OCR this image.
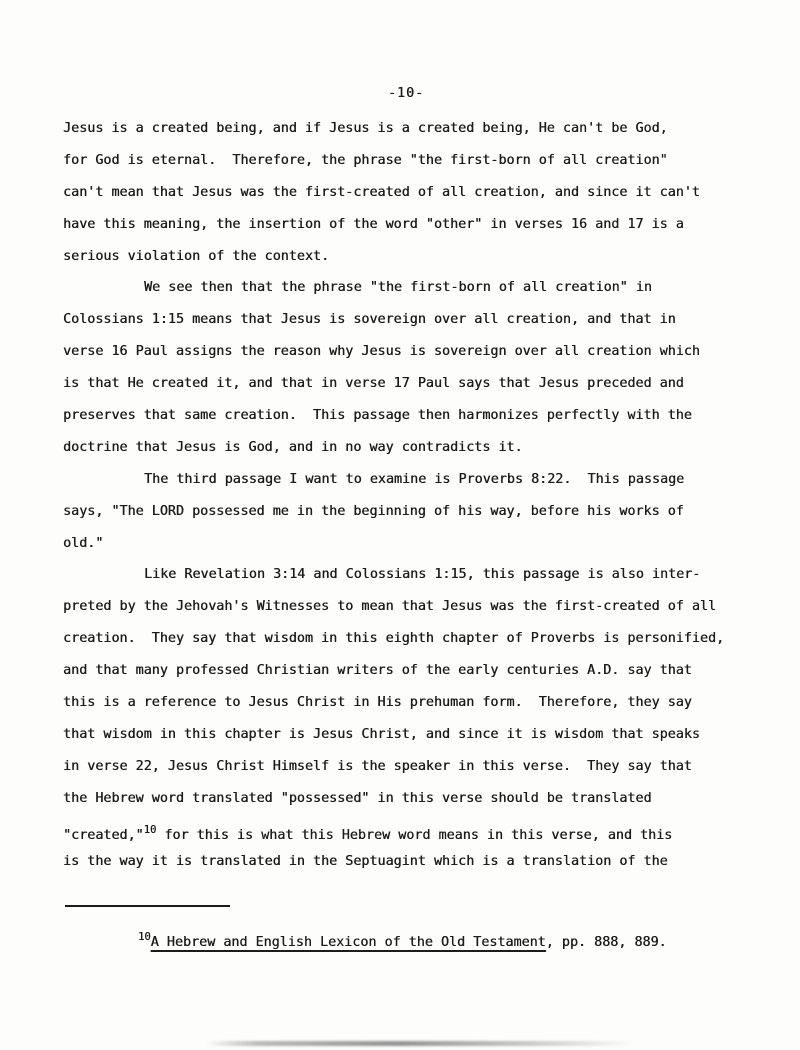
-10-
Jesus is a created being, and if Jesus is a created being, He can't be God,
for God is eternal.  Therefore, the phrase "the first-born of all creation"
can't mean that Jesus was the first-created of all creation, and since it can't
have this meaning, the insertion of the word "other" in verses 16 and 17 is a
serious violation of the context.
We see then that the phrase "the first-born of all creation" in
Colossians 1:15 means that Jesus is sovereign over all creation, and that in
verse 16 Paul assigns the reason why Jesus is sovereign over all creation which
is that He created it, and that in verse 17 Paul says that Jesus preceded and
preserves that same creation.  This passage then harmonizes perfectly with the
doctrine that Jesus is God, and in no way contradicts it.
The third passage I want to examine is Proverbs 8:22.  This passage
says, "The LORD possessed me in the beginning of his way, before his works of
old."
Like Revelation 3:14 and Colossians 1:15, this passage is also inter-
preted by the Jehovah's Witnesses to mean that Jesus was the first-created of all
creation.  They say that wisdom in this eighth chapter of Proverbs is personified,
and that many professed Christian writers of the early centuries A.D. say that
this is a reference to Jesus Christ in His prehuman form.  Therefore, they say
that wisdom in this chapter is Jesus Christ, and since it is wisdom that speaks
in verse 22, Jesus Christ Himself is the speaker in this verse.  They say that
the Hebrew word translated "possessed" in this verse should be translated
"created,"$^{10}$ for this is what this Hebrew word means in this verse, and this
is the way it is translated in the Septuagint which is a translation of the
$^{10}$A Hebrew and English Lexicon of the Old Testament, pp. 888, 889.
